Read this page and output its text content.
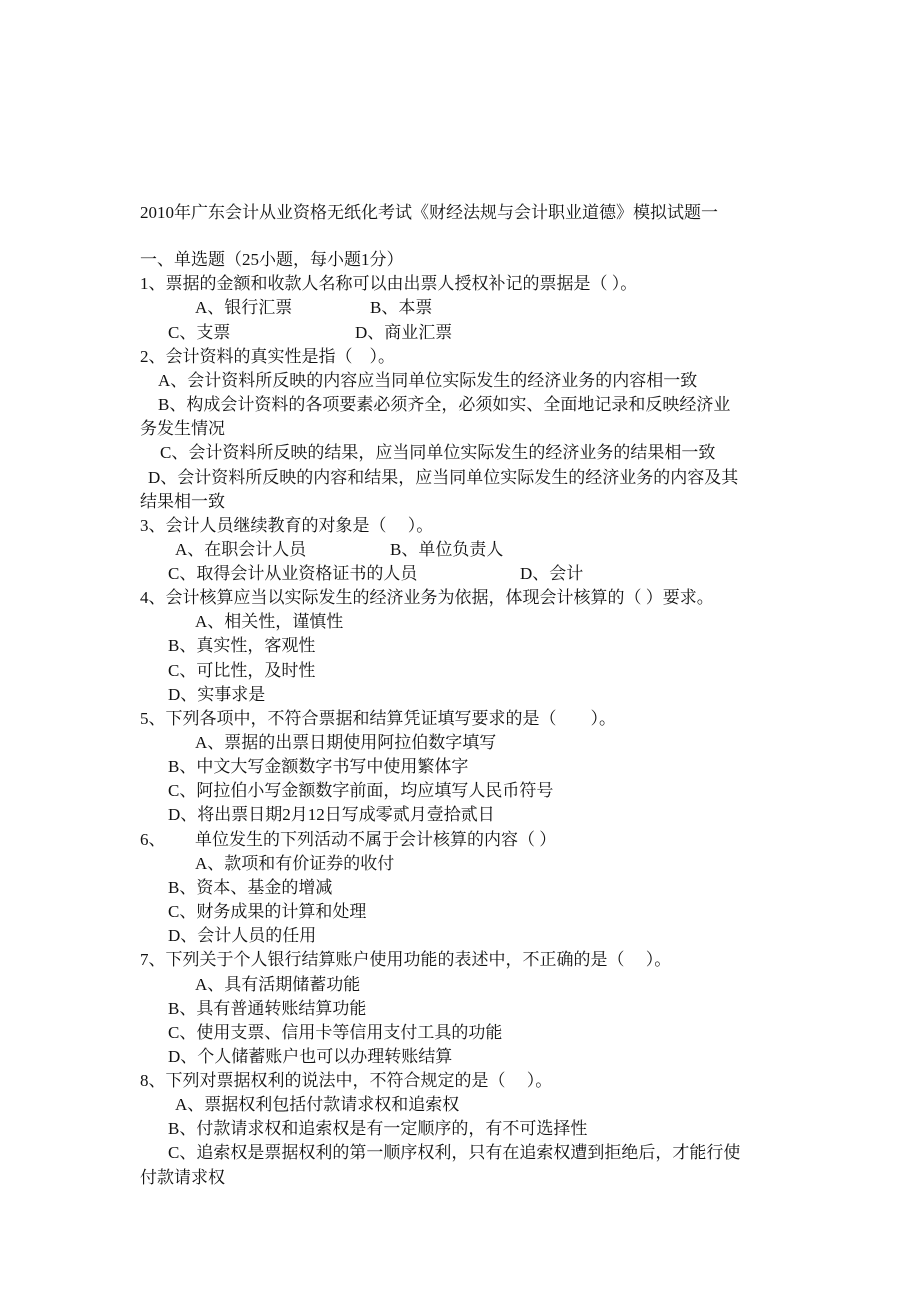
2010年广东会计从业资格无纸化考试《财经法规与会计职业道德》模拟试题一
一、单选题（25小题，每小题1分）
1、票据的金额和收款人名称可以由出票人授权补记的票据是（ ）。
A、银行汇票	B、本票
C、支票	D、商业汇票
2、会计资料的真实性是指（　）。
A、会计资料所反映的内容应当同单位实际发生的经济业务的内容相一致
B、构成会计资料的各项要素必须齐全，必须如实、全面地记录和反映经济业
务发生情况
C、会计资料所反映的结果，应当同单位实际发生的经济业务的结果相一致
D、会计资料所反映的内容和结果，应当同单位实际发生的经济业务的内容及其
结果相一致
3、会计人员继续教育的对象是（　 ）。
A、在职会计人员	B、单位负责人
C、取得会计从业资格证书的人员	D、会计
4、会计核算应当以实际发生的经济业务为依据，体现会计核算的（ ）要求。
A、相关性，谨慎性
B、真实性，客观性
C、可比性，及时性
D、实事求是
5、下列各项中，不符合票据和结算凭证填写要求的是（　　）。
A、票据的出票日期使用阿拉伯数字填写
B、中文大写金额数字书写中使用繁体字
C、阿拉伯小写金额数字前面，均应填写人民币符号
D、将出票日期2月12日写成零贰月壹拾贰日
6、 单位发生的下列活动不属于会计核算的内容（ ）
A、款项和有价证券的收付
B、资本、基金的增减
C、财务成果的计算和处理
D、会计人员的任用
7、下列关于个人银行结算账户使用功能的表述中，不正确的是（　 ）。
A、具有活期储蓄功能
B、具有普通转账结算功能
C、使用支票、信用卡等信用支付工具的功能
D、个人储蓄账户也可以办理转账结算
8、下列对票据权利的说法中，不符合规定的是（　 ）。
A、票据权利包括付款请求权和追索权
B、付款请求权和追索权是有一定顺序的，有不可选择性
C、追索权是票据权利的第一顺序权利，只有在追索权遭到拒绝后，才能行使
付款请求权
